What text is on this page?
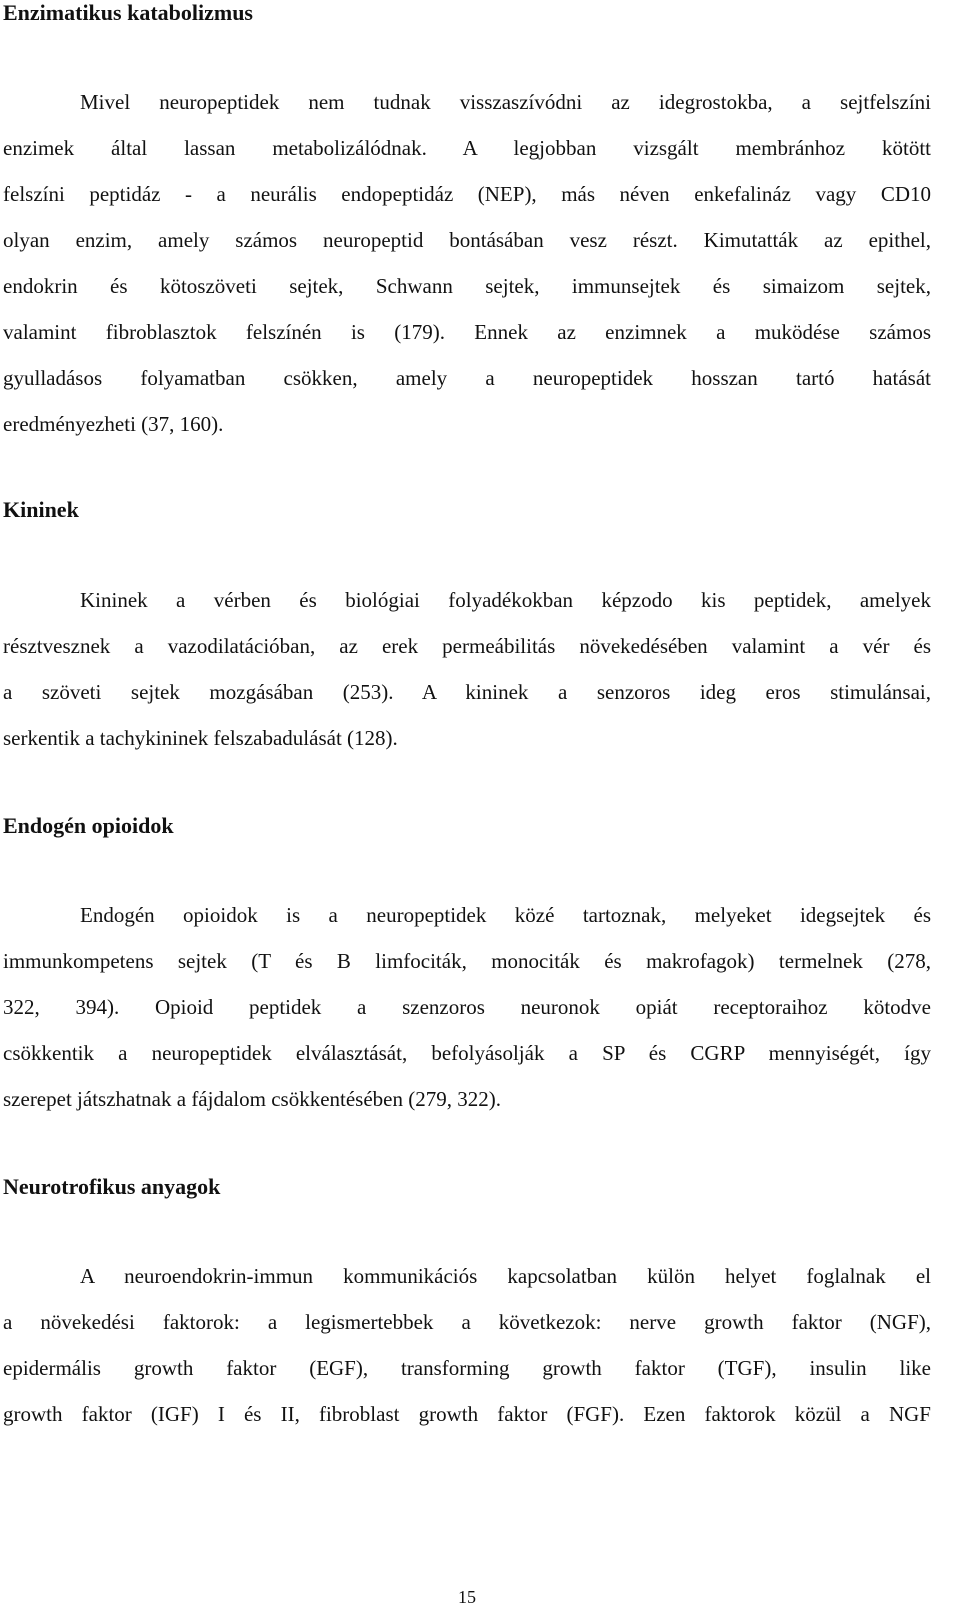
Enzimatikus katabolizmus
Mivel neuropeptidek nem tudnak visszaszívódni az idegrostokba, a sejtfelszíni
enzimek által lassan metabolizálódnak. A legjobban vizsgált membránhoz kötött
felszíni peptidáz - a neurális endopeptidáz (NEP), más néven enkefalináz vagy CD10
olyan enzim, amely számos neuropeptid bontásában vesz részt. Kimutatták az epithel,
endokrin és kötoszöveti sejtek, Schwann sejtek, immunsejtek és simaizom sejtek,
valamint fibroblasztok felszínén is (179). Ennek az enzimnek a muködése számos
gyulladásos folyamatban csökken, amely a neuropeptidek hosszan tartó hatását
eredményezheti (37, 160).
Kininek
Kininek a vérben és biológiai folyadékokban képzodo kis peptidek, amelyek
résztvesznek a vazodilatációban, az erek permeábilitás növekedésében valamint a vér és
a szöveti sejtek mozgásában (253). A kininek a senzoros ideg eros stimulánsai,
serkentik a tachykininek felszabadulását (128).
Endogén opioidok
Endogén opioidok is a neuropeptidek közé tartoznak, melyeket idegsejtek és
immunkompetens sejtek (T és B limfociták, monociták és makrofagok) termelnek (278,
322, 394). Opioid peptidek a szenzoros neuronok opiát receptoraihoz kötodve
csökkentik a neuropeptidek elválasztását, befolyásolják a SP és CGRP mennyiségét, így
szerepet játszhatnak a fájdalom csökkentésében (279, 322).
Neurotrofikus anyagok
A neuroendokrin-immun kommunikációs kapcsolatban külön helyet foglalnak el
a növekedési faktorok: a legismertebbek a következok: nerve growth faktor (NGF),
epidermális growth faktor (EGF), transforming growth faktor (TGF), insulin like
growth faktor (IGF) I és II, fibroblast growth faktor (FGF). Ezen faktorok közül a NGF
15
